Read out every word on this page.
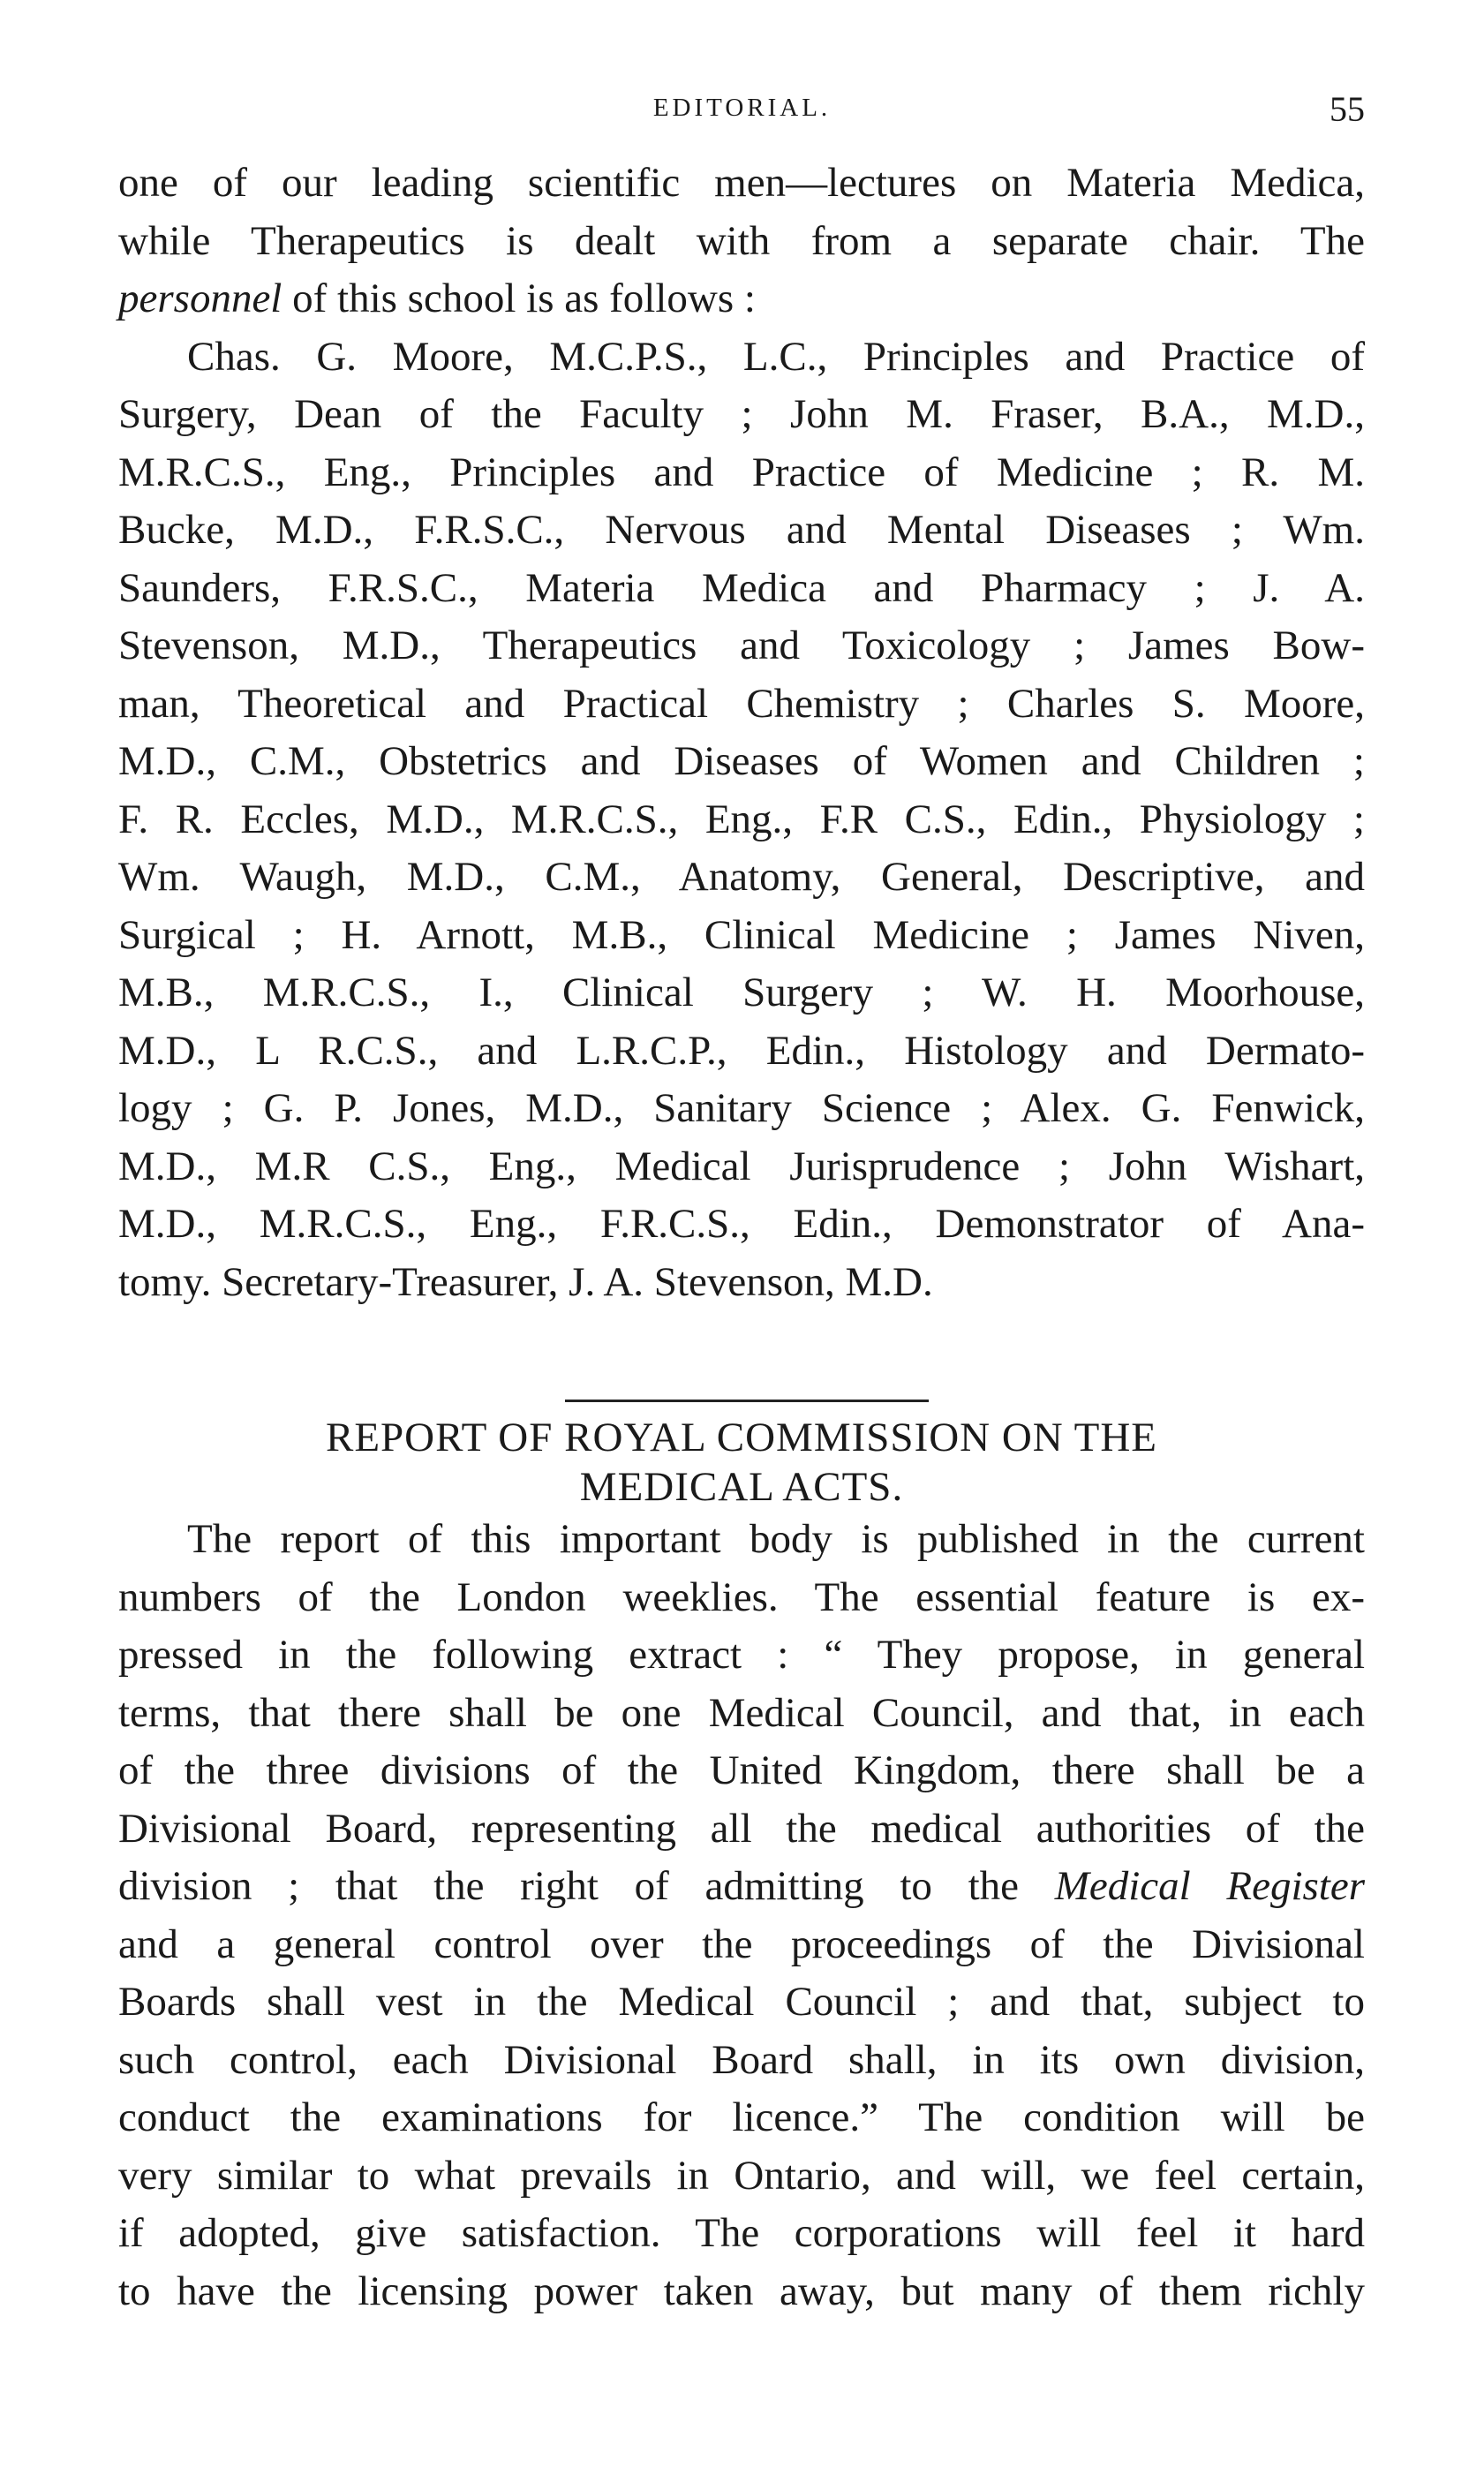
EDITORIAL.	55
one of our leading scientific men—lectures on Materia Medica,
while Therapeutics is dealt with from a separate chair. The
personnel of this school is as follows :
Chas. G. Moore, M.C.P.S., L.C., Principles and Practice of
Surgery, Dean of the Faculty ; John M. Fraser, B.A., M.D.,
M.R.C.S., Eng., Principles and Practice of Medicine ; R. M.
Bucke, M.D., F.R.S.C., Nervous and Mental Diseases ; Wm.
Saunders, F.R.S.C., Materia Medica and Pharmacy ; J. A.
Stevenson, M.D., Therapeutics and Toxicology ; James Bow-
man, Theoretical and Practical Chemistry ; Charles S. Moore,
M.D., C.M., Obstetrics and Diseases of Women and Children ;
F. R. Eccles, M.D., M.R.C.S., Eng., F.R C.S., Edin., Physiology ;
Wm. Waugh, M.D., C.M., Anatomy, General, Descriptive, and
Surgical ; H. Arnott, M.B., Clinical Medicine ; James Niven,
M.B., M.R.C.S., I., Clinical Surgery ; W. H. Moorhouse,
M.D., L R.C.S., and L.R.C.P., Edin., Histology and Dermato-
logy ; G. P. Jones, M.D., Sanitary Science ; Alex. G. Fenwick,
M.D., M.R C.S., Eng., Medical Jurisprudence ; John Wishart,
M.D., M.R.C.S., Eng., F.R.C.S., Edin., Demonstrator of Ana-
tomy. Secretary-Treasurer, J. A. Stevenson, M.D.
REPORT OF ROYAL COMMISSION ON THE
MEDICAL ACTS.
The report of this important body is published in the current
numbers of the London weeklies. The essential feature is ex-
pressed in the following extract : “ They propose, in general
terms, that there shall be one Medical Council, and that, in each
of the three divisions of the United Kingdom, there shall be a
Divisional Board, representing all the medical authorities of the
division ; that the right of admitting to the Medical Register
and a general control over the proceedings of the Divisional
Boards shall vest in the Medical Council ; and that, subject to
such control, each Divisional Board shall, in its own division,
conduct the examinations for licence.” The condition will be
very similar to what prevails in Ontario, and will, we feel certain,
if adopted, give satisfaction. The corporations will feel it hard
to have the licensing power taken away, but many of them richly
